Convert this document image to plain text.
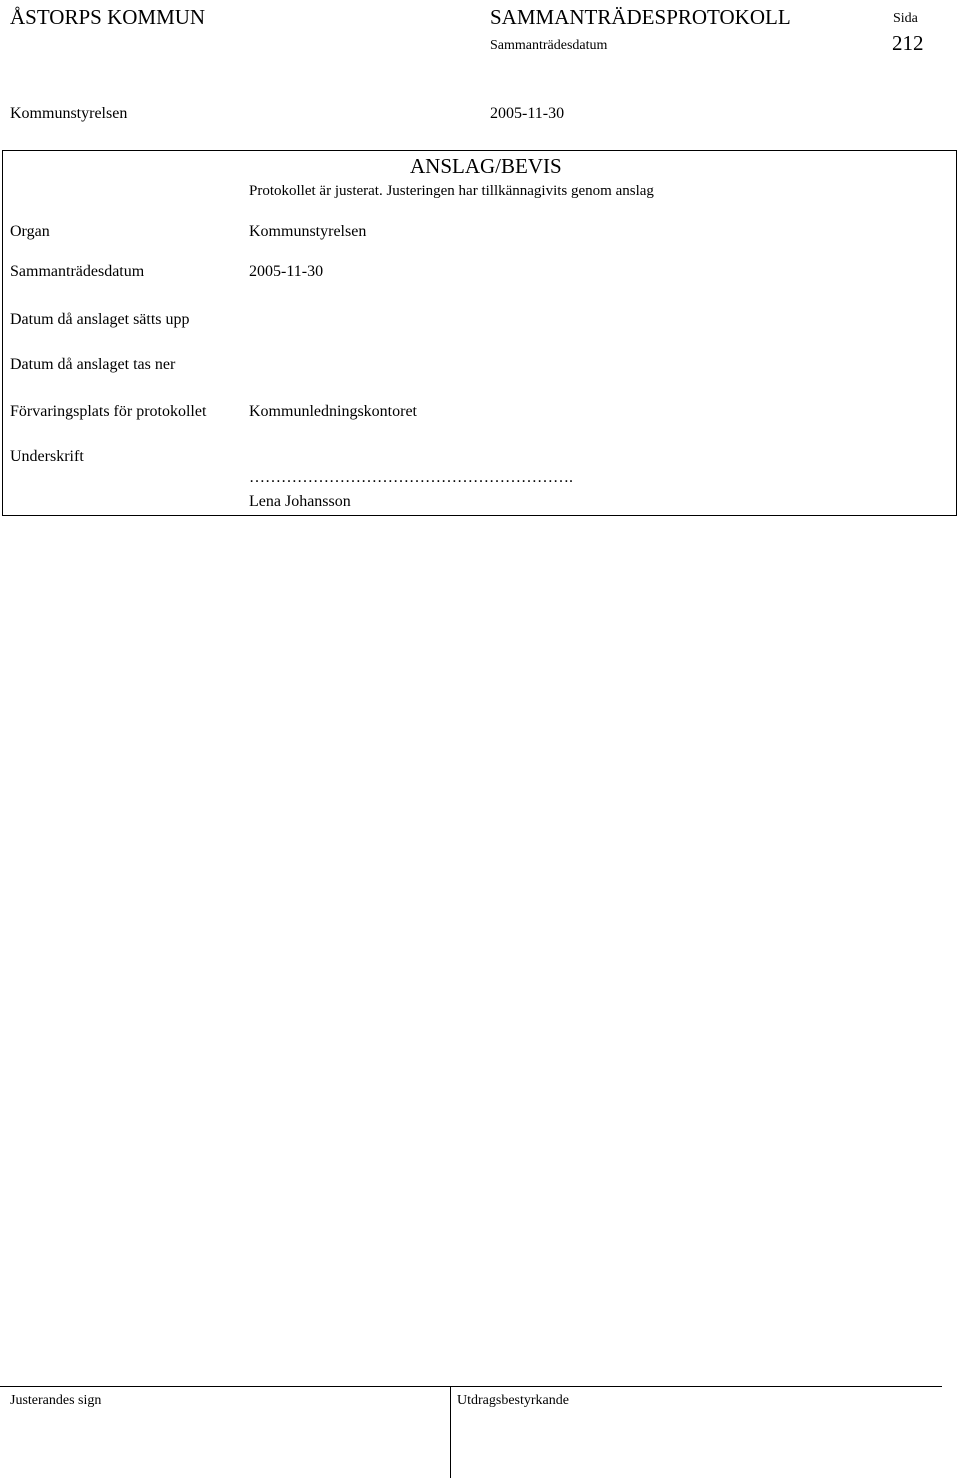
ÅSTORPS KOMMUN	SAMMANTRÄDESPROTOKOLL	Sida
Sammanträdesdatum	212
Kommunstyrelsen	2005-11-30
ANSLAG/BEVIS
Protokollet är justerat. Justeringen har tillkännagivits genom anslag
Organ	Kommunstyrelsen
Sammanträdesdatum	2005-11-30
Datum då anslaget sätts upp
Datum då anslaget tas ner
Förvaringsplats för protokollet	Kommunledningskontoret
Underskrift
…………………………………………………….
Lena Johansson
Justerandes sign	Utdragsbestyrkande
